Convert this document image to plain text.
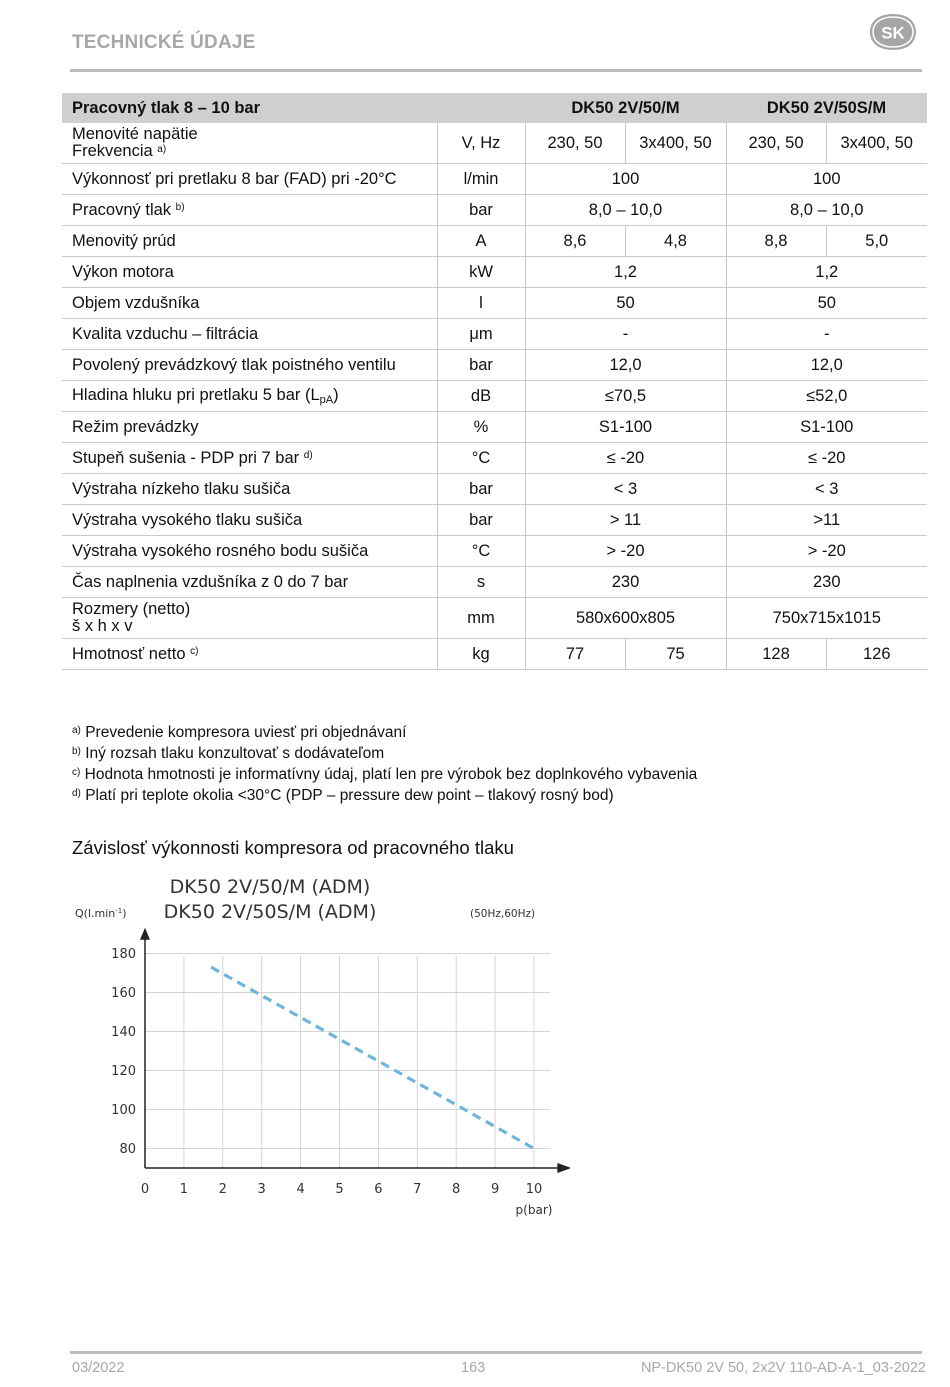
TECHNICKÉ ÚDAJE	SK
Pracovný tlak 8 – 10 bar		DK50 2V/50/M		DK50 2V/50S/M	
Menovité napätie
Frekvencia $^{a)}$	V, Hz	230, 50	3x400, 50	230, 50	3x400, 50
Výkonnosť pri pretlaku 8 bar (FAD) pri -20°C	l/min	100		100	
Pracovný tlak $^{b)}$	bar	8,0 – 10,0		8,0 – 10,0	
Menovitý prúd	A	8,6	4,8	8,8	5,0
Výkon motora	kW	1,2		1,2	
Objem vzdušníka	l	50		50	
Kvalita vzduchu – filtrácia	μm	-		-	
Povolený prevádzkový tlak poistného ventilu	bar	12,0		12,0	
Hladina hluku pri pretlaku 5 bar $(L_{pA})$	dB	≤70,5		≤52,0	
Režim prevádzky	%	S1-100		S1-100	
Stupeň sušenia - PDP pri 7 bar $^{d)}$	°C	≤ -20		≤ -20	
Výstraha nízkeho tlaku sušiča	bar	< 3		< 3	
Výstraha vysokého tlaku sušiča	bar	> 11		>11	
Výstraha vysokého rosného bodu sušiča	°C	> -20		> -20	
Čas naplnenia vzdušníka z 0 do 7 bar	s	230		230	
Rozmery (netto)
š x h x v	mm	580x600x805		750x715x1015	
Hmotnosť netto $^{c)}$	kg	77	75	128	126
$^{a)}$ Prevedenie kompresora uviesť pri objednávaní
$^{b)}$ Iný rozsah tlaku konzultovať s dodávateľom
$^{c)}$ Hodnota hmotnosti je informatívny údaj, platí len pre výrobok bez doplnkového vybavenia
$^{d)}$ Platí pri teplote okolia <30°C (PDP – pressure dew point – tlakový rosný bod)
Závislosť výkonnosti kompresora od pracovného tlaku
DK50 2V/50/M (ADM)
DK50 2V/50S/M (ADM)	(50Hz,60Hz)
$Q(l.\min^{-1})$
p(bar)
0 1 2 3 4 5 6 7 8 9 10
80
100
120
140
160
180
03/2022	163	NP-DK50 2V 50, 2x2V 110-AD-A-1_03-2022
